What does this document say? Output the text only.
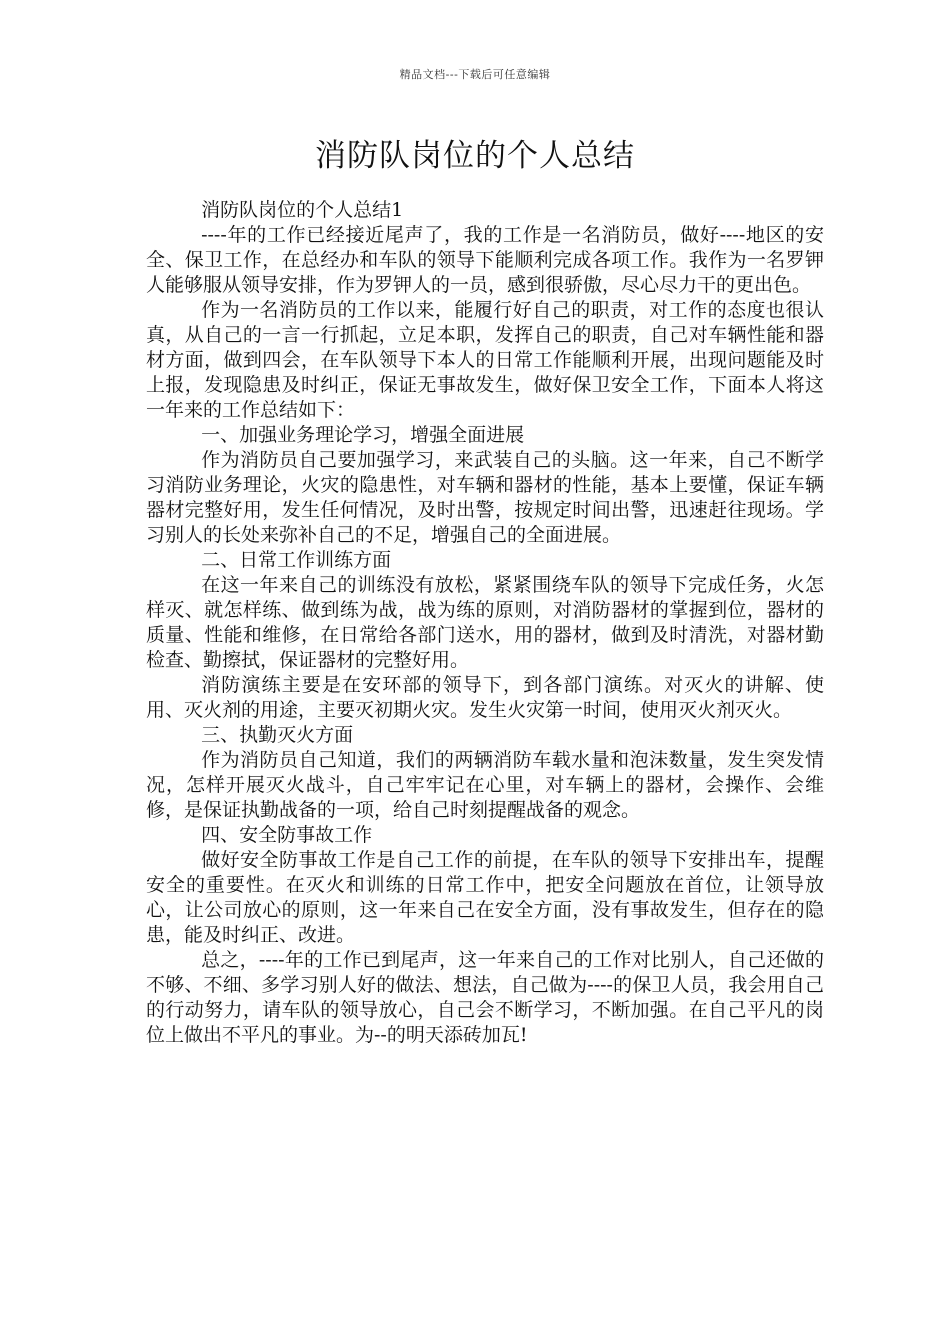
精品文档---下载后可任意编辑
消防队岗位的个人总结

消防队岗位的个人总结1

----年的工作已经接近尾声了，我的工作是一名消防员，做好----地区的安全、保卫工作，在总经办和车队的领导下能顺利完成各项工作。我作为一名罗钾人能够服从领导安排，作为罗钾人的一员，感到很骄傲，尽心尽力干的更出色。

作为一名消防员的工作以来，能履行好自己的职责，对工作的态度也很认真，从自己的一言一行抓起，立足本职，发挥自己的职责，自己对车辆性能和器材方面，做到四会，在车队领导下本人的日常工作能顺利开展，出现问题能及时上报，发现隐患及时纠正，保证无事故发生，做好保卫安全工作，下面本人将这一年来的工作总结如下：

一、加强业务理论学习，增强全面进展

作为消防员自己要加强学习，来武装自己的头脑。这一年来，自己不断学习消防业务理论，火灾的隐患性，对车辆和器材的性能，基本上要懂，保证车辆器材完整好用，发生任何情况，及时出警，按规定时间出警，迅速赶往现场。学习别人的长处来弥补自己的不足，增强自己的全面进展。

二、日常工作训练方面

在这一年来自己的训练没有放松，紧紧围绕车队的领导下完成任务，火怎样灭、就怎样练、做到练为战，战为练的原则，对消防器材的掌握到位，器材的质量、性能和维修，在日常给各部门送水，用的器材，做到及时清洗，对器材勤检查、勤擦拭，保证器材的完整好用。

消防演练主要是在安环部的领导下，到各部门演练。对灭火的讲解、使用、灭火剂的用途，主要灭初期火灾。发生火灾第一时间，使用灭火剂灭火。

三、执勤灭火方面

作为消防员自己知道，我们的两辆消防车载水量和泡沫数量，发生突发情况，怎样开展灭火战斗，自己牢牢记在心里，对车辆上的器材，会操作、会维修，是保证执勤战备的一项，给自己时刻提醒战备的观念。

四、安全防事故工作

做好安全防事故工作是自己工作的前提，在车队的领导下安排出车，提醒安全的重要性。在灭火和训练的日常工作中，把安全问题放在首位，让领导放心，让公司放心的原则，这一年来自己在安全方面，没有事故发生，但存在的隐患，能及时纠正、改进。

总之，----年的工作已到尾声，这一年来自己的工作对比别人，自己还做的不够、不细、多学习别人好的做法、想法，自己做为----的保卫人员，我会用自己的行动努力，请车队的领导放心，自己会不断学习，不断加强。在自己平凡的岗位上做出不平凡的事业。为--的明天添砖加瓦!
